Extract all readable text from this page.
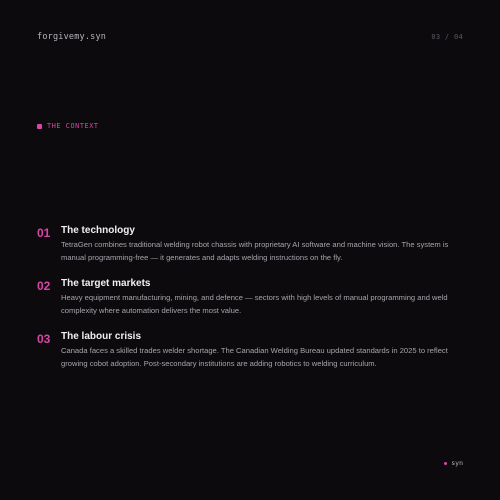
forgivemy.syn	03 / 04
THE CONTEXT
01	The technology
TetraGen combines traditional welding robot chassis with proprietary AI software and machine vision. The system is manual programming-free — it generates and adapts welding instructions on the fly.
02	The target markets
Heavy equipment manufacturing, mining, and defence — sectors with high levels of manual programming and weld complexity where automation delivers the most value.
03	The labour crisis
Canada faces a skilled trades welder shortage. The Canadian Welding Bureau updated standards in 2025 to reflect growing cobot adoption. Post-secondary institutions are adding robotics to welding curriculum.
syn
